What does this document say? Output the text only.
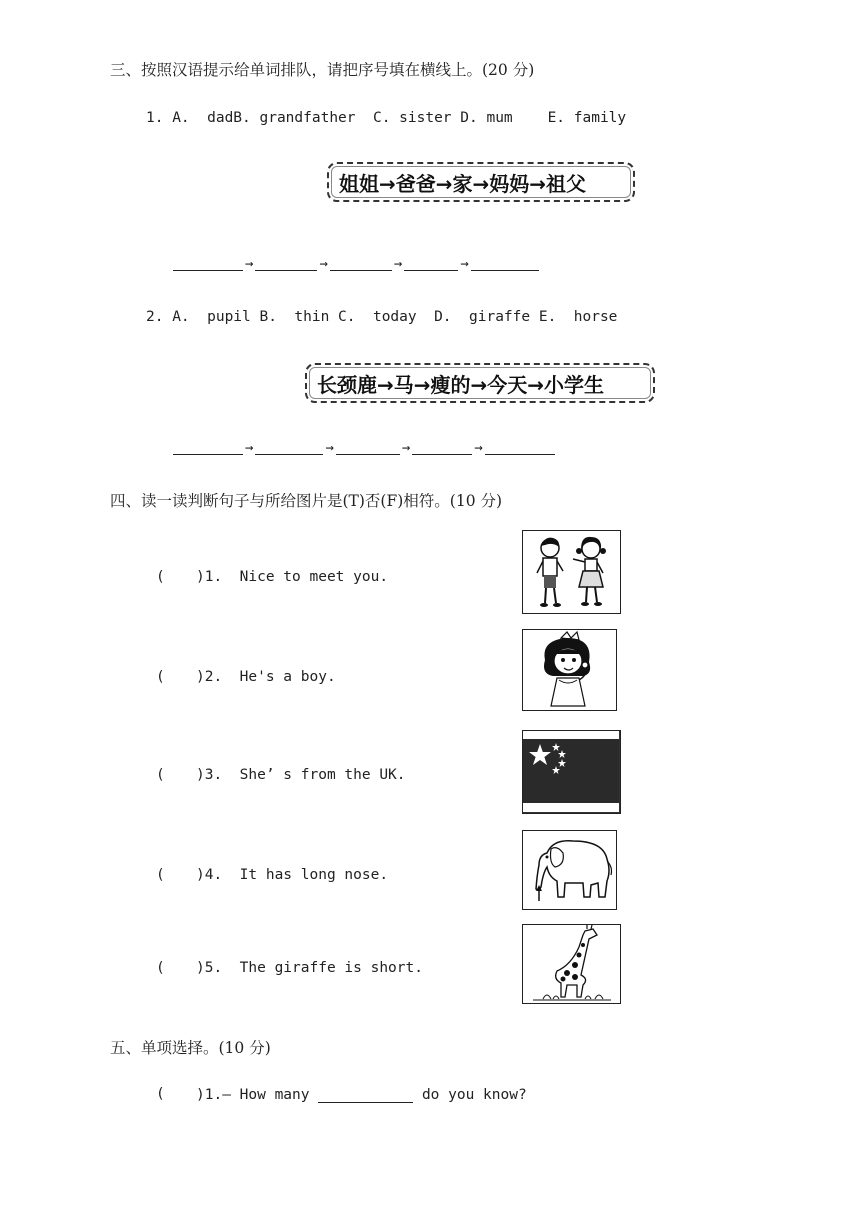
三、按照汉语提示给单词排队，请把序号填在横线上。(20 分)
1. A.  dadB. grandfather  C. sister D. mum    E. family
姐姐→爸爸→家→妈妈→祖父
→	→	→	→
2. A.  pupil B.  thin C.  today  D.  giraffe E.  horse
长颈鹿→马→瘦的→今天→小学生
→	→	→	→
四、读一读判断句子与所给图片是(T)否(F)相符。(10 分)
( )1.  Nice to meet you.
( )2.  He's a boy.
( )3.  She’ s from the UK.
( )4.  It has long nose.
( )5.  The giraffe is short.
五、单项选择。(10 分)
( )1.— How many	do you know?
